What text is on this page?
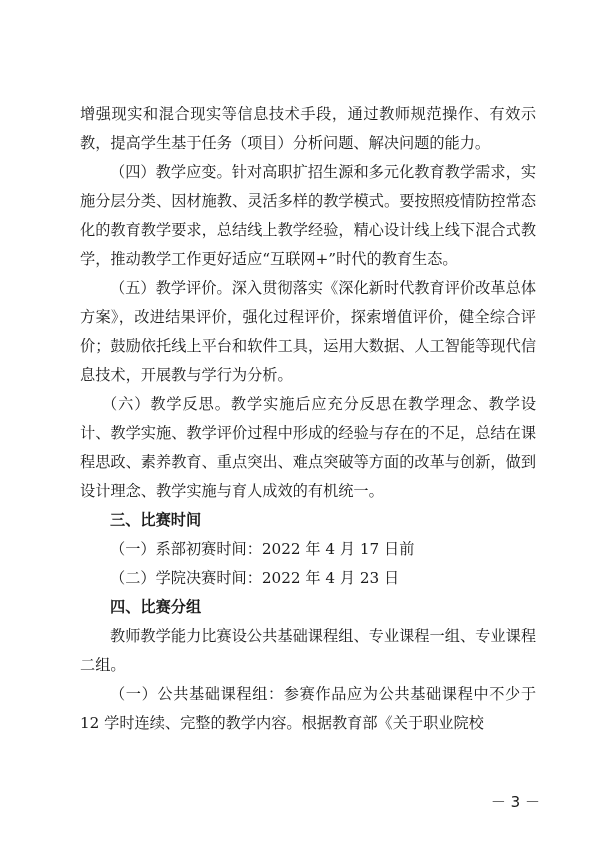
增强现实和混合现实等信息技术手段，通过教师规范操作、有效示教，提高学生基于任务（项目）分析问题、解决问题的能力。

（四）教学应变。针对高职扩招生源和多元化教育教学需求，实施分层分类、因材施教、灵活多样的教学模式。要按照疫情防控常态化的教育教学要求，总结线上教学经验，精心设计线上线下混合式教学，推动教学工作更好适应“互联网+”时代的教育生态。

（五）教学评价。深入贯彻落实《深化新时代教育评价改革总体方案》，改进结果评价，强化过程评价，探索增值评价，健全综合评价；鼓励依托线上平台和软件工具，运用大数据、人工智能等现代信息技术，开展教与学行为分析。

（六）教学反思。教学实施后应充分反思在教学理念、教学设计、教学实施、教学评价过程中形成的经验与存在的不足，总结在课程思政、素养教育、重点突出、难点突破等方面的改革与创新，做到设计理念、教学实施与育人成效的有机统一。

三、比赛时间

（一）系部初赛时间：2022 年 4 月 17 日前

（二）学院决赛时间：2022 年 4 月 23 日

四、比赛分组

教师教学能力比赛设公共基础课程组、专业课程一组、专业课程二组。

（一）公共基础课程组：参赛作品应为公共基础课程中不少于 12 学时连续、完整的教学内容。根据教育部《关于职业院校

－ 3 －
